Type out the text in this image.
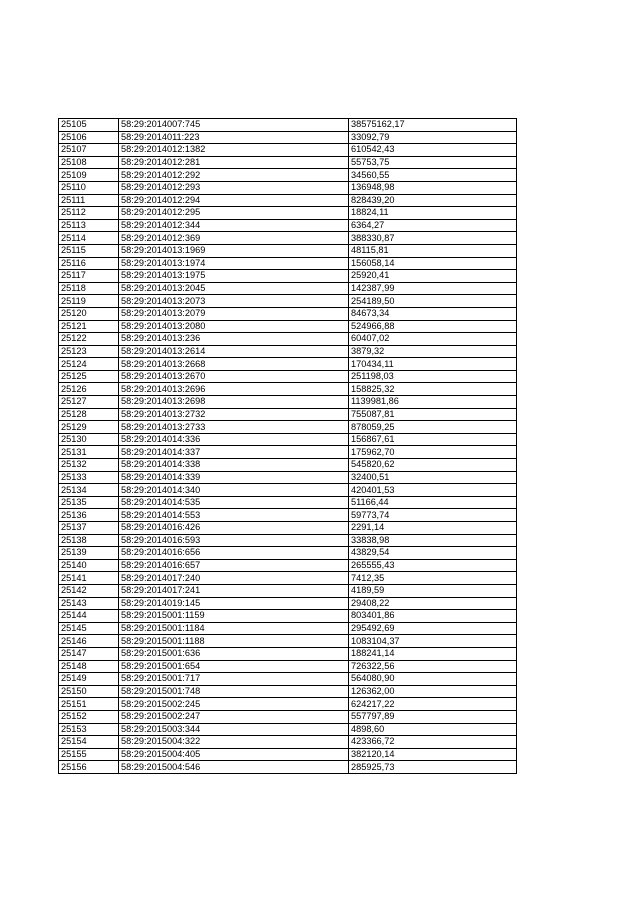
25105	58:29:2014007:745	38575162,17
25106	58:29:2014011:223	33092,79
25107	58:29:2014012:1382	610542,43
25108	58:29:2014012:281	55753,75
25109	58:29:2014012:292	34560,55
25110	58:29:2014012:293	136948,98
25111	58:29:2014012:294	828439,20
25112	58:29:2014012:295	18824,11
25113	58:29:2014012:344	6364,27
25114	58:29:2014012:369	388330,87
25115	58:29:2014013:1969	48115,81
25116	58:29:2014013:1974	156058,14
25117	58:29:2014013:1975	25920,41
25118	58:29:2014013:2045	142387,99
25119	58:29:2014013:2073	254189,50
25120	58:29:2014013:2079	84673,34
25121	58:29:2014013:2080	524966,88
25122	58:29:2014013:236	60407,02
25123	58:29:2014013:2614	3879,32
25124	58:29:2014013:2668	170434,11
25125	58:29:2014013:2670	251198,03
25126	58:29:2014013:2696	158825,32
25127	58:29:2014013:2698	1139981,86
25128	58:29:2014013:2732	755087,81
25129	58:29:2014013:2733	878059,25
25130	58:29:2014014:336	156867,61
25131	58:29:2014014:337	175962,70
25132	58:29:2014014:338	545820,62
25133	58:29:2014014:339	32400,51
25134	58:29:2014014:340	420401,53
25135	58:29:2014014:535	51166,44
25136	58:29:2014014:553	59773,74
25137	58:29:2014016:426	2291,14
25138	58:29:2014016:593	33838,98
25139	58:29:2014016:656	43829,54
25140	58:29:2014016:657	265555,43
25141	58:29:2014017:240	7412,35
25142	58:29:2014017:241	4189,59
25143	58:29:2014019:145	29408,22
25144	58:29:2015001:1159	803401,86
25145	58:29:2015001:1184	295492,69
25146	58:29:2015001:1188	1083104,37
25147	58:29:2015001:636	188241,14
25148	58:29:2015001:654	726322,56
25149	58:29:2015001:717	564080,90
25150	58:29:2015001:748	126362,00
25151	58:29:2015002:245	624217,22
25152	58:29:2015002:247	557797,89
25153	58:29:2015003:344	4898,60
25154	58:29:2015004:322	423366,72
25155	58:29:2015004:405	382120,14
25156	58:29:2015004:546	285925,73
